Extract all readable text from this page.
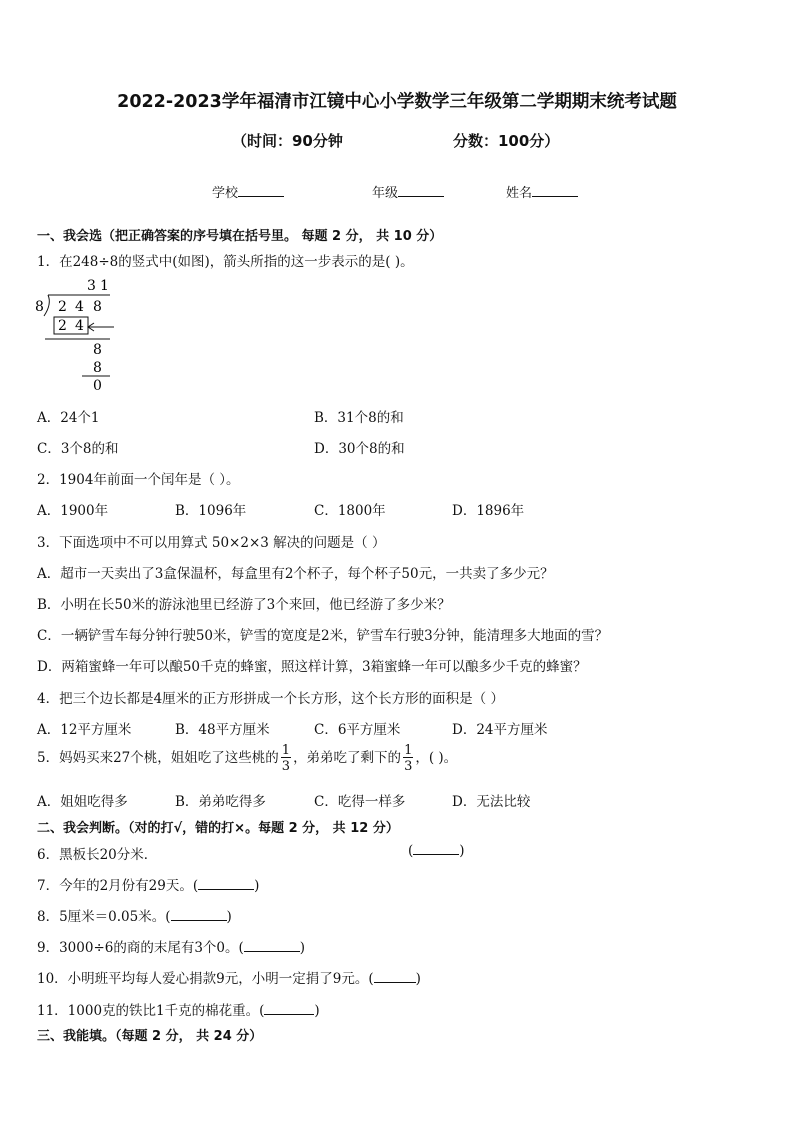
2022-2023学年福清市江镜中心小学数学三年级第二学期期末统考试题
（时间：90分钟	分数：100分）
学校	年级	姓名
一、我会选（把正确答案的序号填在括号里。 每题 2 分， 共 10 分）
1．在248÷8的竖式中(如图)，箭头所指的这一步表示的是( )。
3 1
8 2 4 8
2 4
8
8
0
A．24个1	B．31个8的和
C．3个8的和	D．30个8的和
2．1904年前面一个闰年是（ ）。
A．1900年	B．1096年	C．1800年	D．1896年
3．下面选项中不可以用算式 50×2×3 解决的问题是（ ）
A．超市一天卖出了3盒保温杯，每盒里有2个杯子，每个杯子50元，一共卖了多少元？
B．小明在长50米的游泳池里已经游了3个来回，他已经游了多少米？
C．一辆铲雪车每分钟行驶50米，铲雪的宽度是2米，铲雪车行驶3分钟，能清理多大地面的雪？
D．两箱蜜蜂一年可以酿50千克的蜂蜜，照这样计算，3箱蜜蜂一年可以酿多少千克的蜂蜜？
4．把三个边长都是4厘米的正方形拼成一个长方形，这个长方形的面积是（ ）
A．12平方厘米	B．48平方厘米	C．6平方厘米	D．24平方厘米
5．妈妈买来27个桃，姐姐吃了这些桃的 $\frac{1}{3}$ ，弟弟吃了剩下的 $\frac{1}{3}$ ，( )。
A．姐姐吃得多	B．弟弟吃得多	C．吃得一样多	D．无法比较
二、我会判断。（对的打√，错的打×。每题 2 分， 共 12 分）
6．黑板长20分米．	(	)
7．今年的2月份有29天。(	)
8．5厘米＝0.05米。(	)
9．3000÷6的商的末尾有3个0。(	)
10．小明班平均每人爱心捐款9元，小明一定捐了9元。(	)
11．1000克的铁比1千克的棉花重。(	)
三、我能填。（每题 2 分， 共 24 分）
